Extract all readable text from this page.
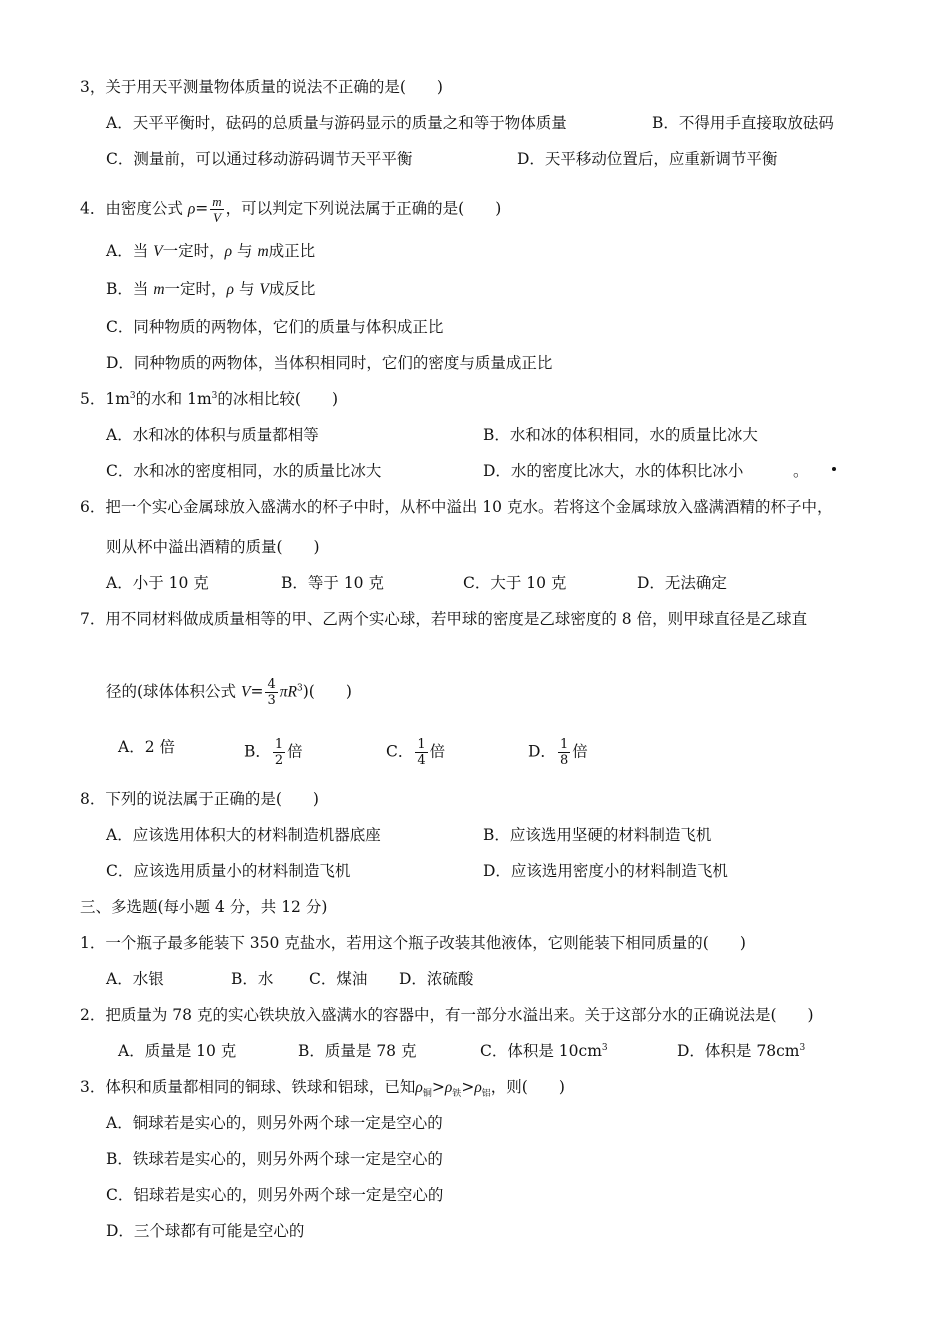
3，关于用天平测量物体质量的说法不正确的是(　　)
A．天平平衡时，砝码的总质量与游码显示的质量之和等于物体质量	B．不得用手直接取放砝码
C．测量前，可以通过移动游码调节天平平衡	D．天平移动位置后，应重新调节平衡
4．由密度公式 $\rho= \frac{m}{V}$ ，可以判定下列说法属于正确的是(　　)
A．当 V一定时，ρ 与 m成正比
B．当 m一定时，ρ 与 V成反比
C．同种物质的两物体，它们的质量与体积成正比
D．同种物质的两物体，当体积相同时，它们的密度与质量成正比
5．$1m^3$的水和 $1m^3$的冰相比较(　　)
A．水和冰的体积与质量都相等	B．水和冰的体积相同，水的质量比冰大
C．水和冰的密度相同，水的质量比冰大	D．水的密度比冰大，水的体积比冰小	。
6．把一个实心金属球放入盛满水的杯子中时，从杯中溢出 10 克水。若将这个金属球放入盛满酒精的杯子中，
则从杯中溢出酒精的质量(　　)
A．小于 10 克	B．等于 10 克	C．大于 10 克	D．无法确定
7．用不同材料做成质量相等的甲、乙两个实心球，若甲球的密度是乙球密度的 8 倍，则甲球直径是乙球直
径的(球体体积公式 $V= \frac{4}{3} \pi R^3$)(　　)
A．2 倍	B． $\frac{1}{2}$ 倍	C． $\frac{1}{4}$ 倍	D． $\frac{1}{8}$ 倍
8．下列的说法属于正确的是(　　)
A．应该选用体积大的材料制造机器底座	B．应该选用坚硬的材料制造飞机
C．应该选用质量小的材料制造飞机	D．应该选用密度小的材料制造飞机
三、多选题(每小题 4 分，共 12 分)
1．一个瓶子最多能装下 350 克盐水，若用这个瓶子改装其他液体，它则能装下相同质量的(　　)
A．水银	B．水 C．煤油 D．浓硫酸
2．把质量为 78 克的实心铁块放入盛满水的容器中，有一部分水溢出来。关于这部分水的正确说法是(　　)
A．质量是 10 克	B．质量是 78 克	C．体积是 $10cm^3$	D．体积是 $78cm^3$
3．体积和质量都相同的铜球、铁球和铝球，已知$\rho_铜>\rho_铁>\rho_铝$，则(　　)
A．铜球若是实心的，则另外两个球一定是空心的
B．铁球若是实心的，则另外两个球一定是空心的
C．铝球若是实心的，则另外两个球一定是空心的
D．三个球都有可能是空心的
